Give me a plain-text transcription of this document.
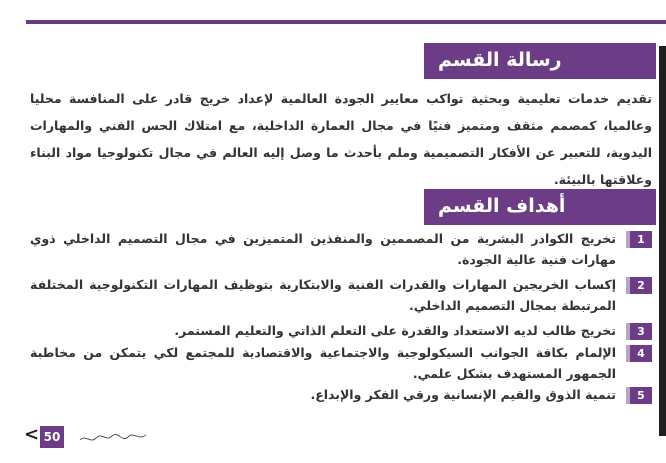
رسالة القسم
تقديم خدمات تعليمية وبحثية تواكب معايير الجودة العالمية لإعداد خريج قادر على المنافسة محليا وعالميا، كمصمم مثقف ومتميز فنيًا في مجال العمارة الداخلية، مع امتلاك الحس الفني والمهارات اليدوية، للتعبير عن الأفكار التصميمية وملم بأحدث ما وصل إليه العالم في مجال تكنولوجيا مواد البناء وعلاقتها بالبيئة.
أهداف القسم
1
تخريج الكوادر البشرية من المصممين والمنفذين المتميزين في مجال التصميم الداخلي ذوي مهارات فنية عالية الجودة.
2
إكساب الخريجين المهارات والقدرات الفنية والابتكارية بتوظيف المهارات التكنولوجية المختلفة المرتبطة بمجال التصميم الداخلي.
3
تخريج طالب لديه الاستعداد والقدرة على التعلم الذاتي والتعليم المستمر.
4
الإلمام بكافة الجوانب السيكولوجية والاجتماعية والاقتصادية للمجتمع لكي يتمكن من مخاطبة الجمهور المستهدف بشكل علمي.
5
تنمية الذوق والقيم الإنسانية ورقي الفكر والإبداع.
< 50
